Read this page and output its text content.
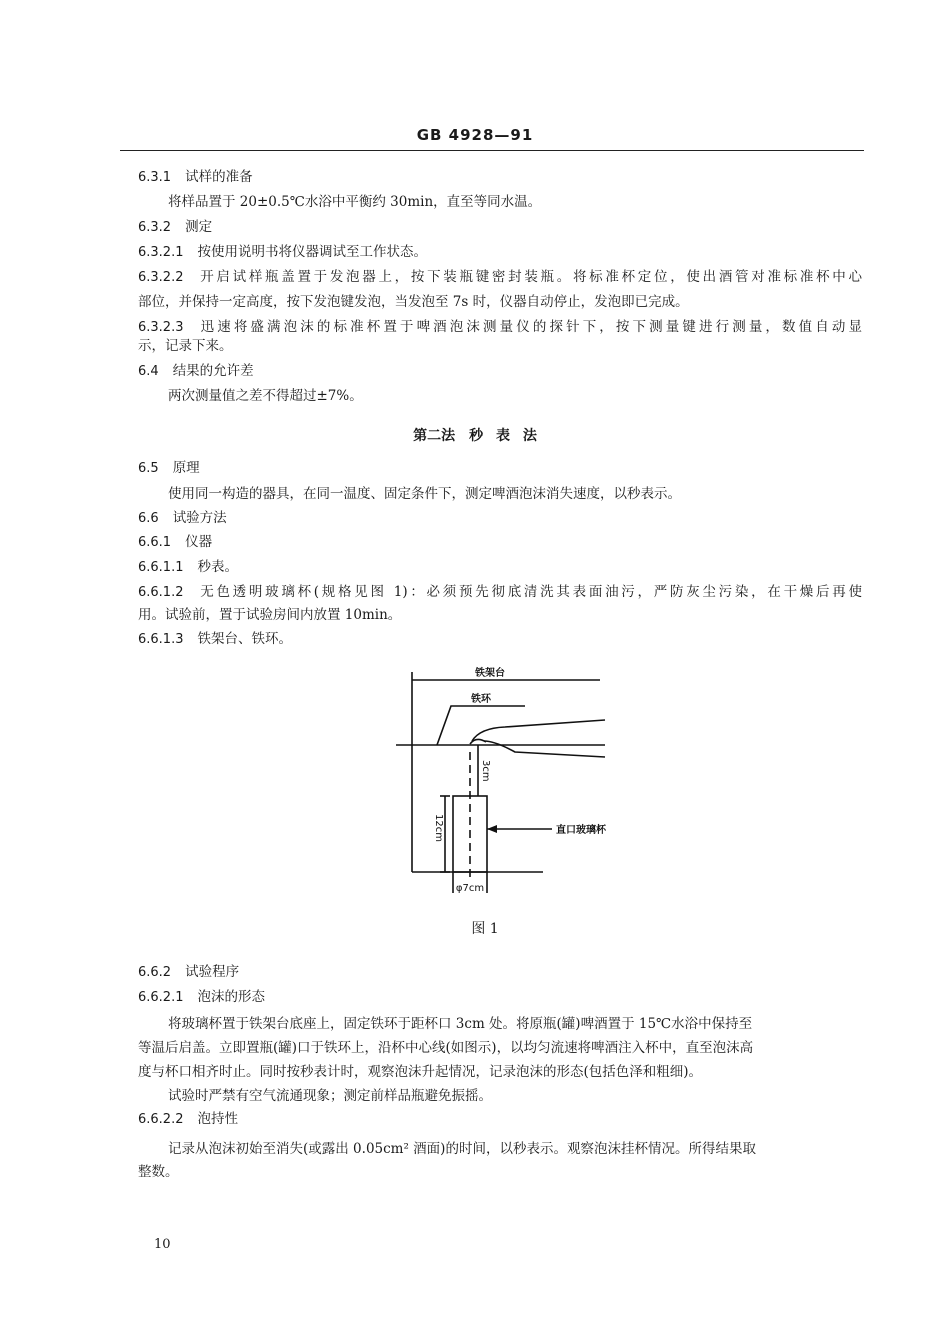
GB 4928—91
6.3.1 试样的准备
将样品置于 20±0.5℃水浴中平衡约 30min，直至等同水温。
6.3.2 测定
6.3.2.1 按使用说明书将仪器调试至工作状态。
6.3.2.2 开启试样瓶盖置于发泡器上，按下装瓶键密封装瓶。将标准杯定位，使出酒管对准标准杯中心
部位，并保持一定高度，按下发泡键发泡，当发泡至 7s 时，仪器自动停止，发泡即已完成。
6.3.2.3 迅速将盛满泡沫的标准杯置于啤酒泡沫测量仪的探针下，按下测量键进行测量，数值自动显
示，记录下来。
6.4 结果的允许差
两次测量值之差不得超过±7%。
第二法　秒 表 法
6.5 原理
使用同一构造的器具，在同一温度、固定条件下，测定啤酒泡沫消失速度，以秒表示。
6.6 试验方法
6.6.1 仪器
6.6.1.1 秒表。
6.6.1.2 无色透明玻璃杯(规格见图 1)：必须预先彻底清洗其表面油污，严防灰尘污染，在干燥后再使
用。试验前，置于试验房间内放置 10min。
6.6.1.3 铁架台、铁环。
铁架台
铁环
3cm
12cm
φ7cm
直口玻璃杯
图 1
6.6.2 试验程序
6.6.2.1 泡沫的形态
将玻璃杯置于铁架台底座上，固定铁环于距杯口 3cm 处。将原瓶(罐)啤酒置于 15℃水浴中保持至
等温后启盖。立即置瓶(罐)口于铁环上，沿杯中心线(如图示)，以均匀流速将啤酒注入杯中，直至泡沫高
度与杯口相齐时止。同时按秒表计时，观察泡沫升起情况，记录泡沫的形态(包括色泽和粗细)。
试验时严禁有空气流通现象；测定前样品瓶避免振摇。
6.6.2.2 泡持性
记录从泡沫初始至消失(或露出 0.05cm² 酒面)的时间，以秒表示。观察泡沫挂杯情况。所得结果取
整数。
10
